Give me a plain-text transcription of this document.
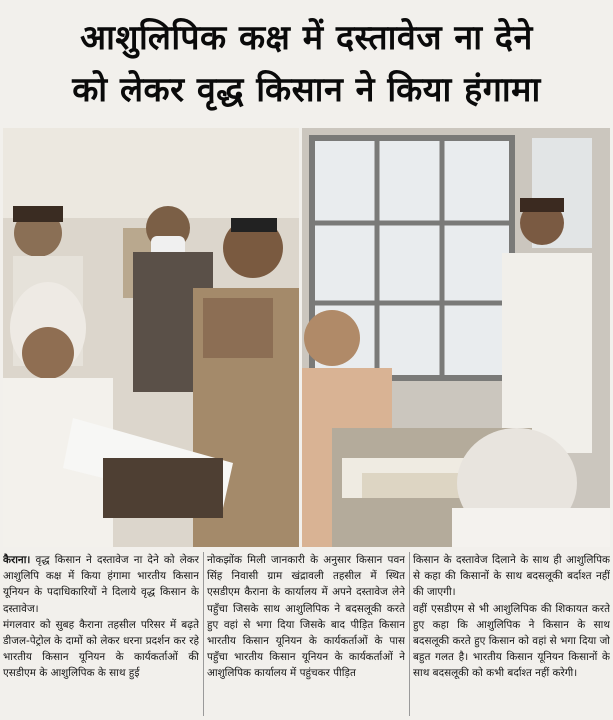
आशुलिपिक कक्ष में दस्तावेज ना देने
को लेकर वृद्ध किसान ने किया हंगामा

कैराना। वृद्ध किसान ने दस्तावेज ना देने को लेकर आशुलिपि कक्ष में किया हंगामा भारतीय किसान यूनियन के पदाधिकारियों ने दिलाये वृद्ध किसान के दस्तावेज।

मंगलवार को सुबह कैराना तहसील परिसर में बढ़ते डीजल-पेट्रोल के दामों को लेकर धरना प्रदर्शन कर रहे भारतीय किसान यूनियन के कार्यकर्ताओं की एसडीएम के आशुलिपिक के साथ हुई

नोकझोंक मिली जानकारी के अनुसार किसान पवन सिंह निवासी ग्राम खंद्रावली तहसील में स्थित एसडीएम कैराना के कार्यालय में अपने दस्तावेज लेने पहुँचा जिसके साथ आशुलिपिक ने बदसलूकी करते हुए वहां से भगा दिया जिसके बाद पीड़ित किसान भारतीय किसान यूनियन के कार्यकर्ताओं के पास पहुँचा भारतीय किसान यूनियन के कार्यकर्ताओं ने आशुलिपिक कार्यालय में पहुंचकर पीड़ित

किसान के दस्तावेज दिलाने के साथ ही आशुलिपिक से कहा की किसानों के साथ बदसलूकी बर्दाश्त नहीं की जाएगी।

वहीं एसडीएम से भी आशुलिपिक की शिकायत करते हुए कहा कि आशुलिपिक ने किसान के साथ बदसलूकी करते हुए किसान को वहां से भगा दिया जो बहुत गलत है। भारतीय किसान यूनियन किसानों के साथ बदसलूकी को कभी बर्दाश्त नहीं करेगी।
